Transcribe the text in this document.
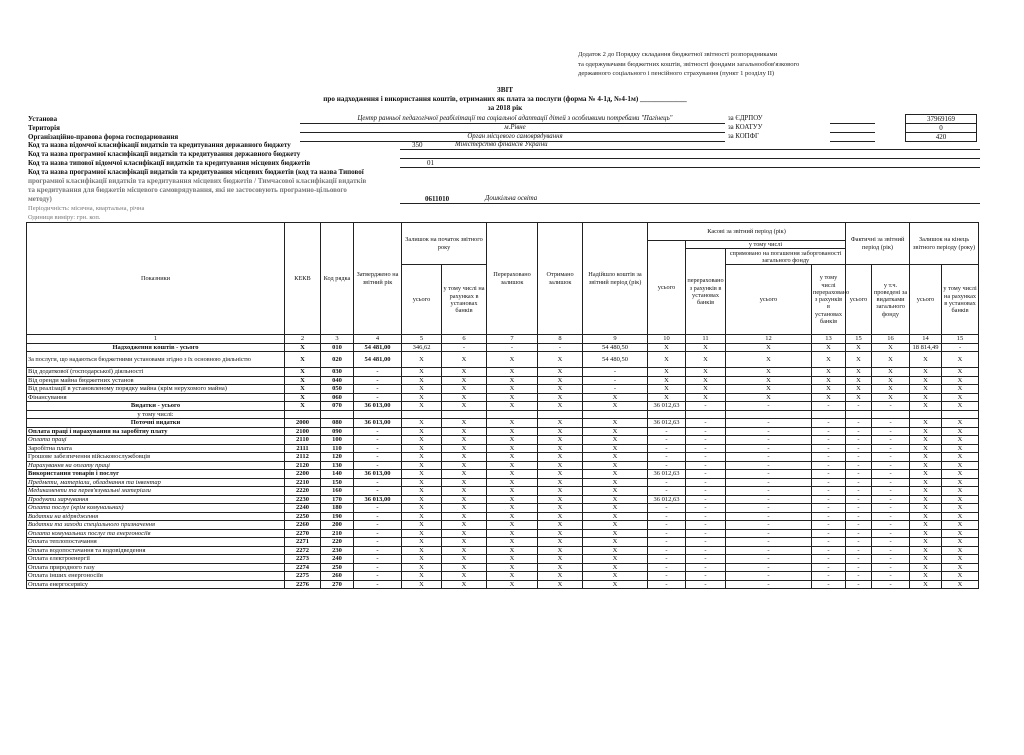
Додаток 2 до Порядку складання бюджетної звітності розпорядниками
та одержувачами бюджетних коштів, звітності фондами загальнообов'язкового
державного соціального і пенсійного страхування (пункт 1 розділу II)
ЗВІТ
про надходження і використання коштів, отриманих як плата за послуги (форма № 4-1д, №4-1м) _____________
за 2018 рік
Установа	Центр ранньої педагогічної реабілітації та соціальної адаптації дітей з особливими потребами "Пагінець"
Територія	м.Рівне
Організаційно-правова форма господарювання	Орган місцевого самоврядування
Код та назва відомчої класифікації видатків та кредитування державного бюджету	350	Міністерство фінансів України
Код та назва програмної класифікації видатків та кредитування державного бюджету
Код та назва типової відомчої класифікації видатків та кредитування місцевих бюджетів	01
Код та назва програмної класифікації видатків та кредитування місцевих бюджетів (код та назва Типової
програмної класифікації видатків та кредитування місцевих бюджетів / Тимчасової класифікації видатків
та кредитування для бюджетів місцевого самоврядування, які не застосовують програмно-цільового
методу)	0611010	Дошкільна освіта
Періодичність: місячна, квартальна, річна
Одиниця виміру: грн. коп.
за ЄДРПОУ	37969169
за КОАТУУ	0
за КОПФГ	420
Показники	КЕКВ	Код рядка	Затверджено на звітний рік	Залишок на початок звітного року		Перераховано залишок	Отримано залишок	Надійшло коштів за звітний період (рік)	Касові за звітний період (рік)				Фактичні за звітний період (рік)		Залишок на кінець звітного періоду (року)	
									усього	у тому числі						
										перераховано з рахунків в установах банків	спрямовано на погашення заборгованості загального фонду					
				усього	у тому числі на рахунках в установах банків						усього	у тому числі перераховано з рахунків в установах банків	усього	у т.ч. проведені за видатками загального фонду	усього	у тому числі на рахунках в установах банків
1	2	3	4	5	6	7	8	9	10	11	12	13	15	16	14	15
Надходження коштів - усього	X	010	54 481,00	346,62	-	-	-	54 480,50	X	X	X	X	X	X	18 814,49	-
За послуги, що надаються бюджетними установами згідно з їх основною діяльністю	X	020	54 481,00	X	X	X	X	54 480,50	X	X	X	X	X	X	X	X
Від додаткової (господарської) діяльності	X	030	-	X	X	X	X	-	X	X	X	X	X	X	X	X
Від оренди майна бюджетних установ	X	040	-	X	X	X	X	-	X	X	X	X	X	X	X	X
Від реалізації в установленому порядку майна (крім нерухомого майна)	X	050	-	X	X	X	X	-	X	X	X	X	X	X	X	X
Фінансування	X	060	-	X	X	X	X	X	X	X	X	X	X	X	X	X
Видатки - усього	X	070	36 013,00	X	X	X	X	X	36 012,63	-	-	-	-	-	X	X
у тому числі:																
Поточні видатки	2000	080	36 013,00	X	X	X	X	X	36 012,63	-	-	-	-	-	X	X
Оплата праці і нарахування на заробітну плату	2100	090	-	X	X	X	X	X	-	-	-	-	-	-	X	X
Оплата праці	2110	100	-	X	X	X	X	X	-	-	-	-	-	-	X	X
Заробітна плата	2111	110	-	X	X	X	X	X	-	-	-	-	-	-	X	X
Грошове забезпечення військовослужбовців	2112	120	-	X	X	X	X	X	-	-	-	-	-	-	X	X
Нарахування на оплату праці	2120	130	-	X	X	X	X	X	-	-	-	-	-	-	X	X
Використання товарів і послуг	2200	140	36 013,00	X	X	X	X	X	36 012,63	-	-	-	-	-	X	X
Предмети, матеріали, обладнання та інвентар	2210	150	-	X	X	X	X	X	-	-	-	-	-	-	X	X
Медикаменти та перев'язувальні матеріали	2220	160	-	X	X	X	X	X	-	-	-	-	-	-	X	X
Продукти харчування	2230	170	36 013,00	X	X	X	X	X	36 012,63	-	-	-	-	-	X	X
Оплата послуг (крім комунальних)	2240	180	-	X	X	X	X	X	-	-	-	-	-	-	X	X
Видатки на відрядження	2250	190	-	X	X	X	X	X	-	-	-	-	-	-	X	X
Видатки та заходи спеціального призначення	2260	200	-	X	X	X	X	X	-	-	-	-	-	-	X	X
Оплата комунальних послуг та енергоносіїв	2270	210	-	X	X	X	X	X	-	-	-	-	-	-	X	X
Оплата теплопостачання	2271	220	-	X	X	X	X	X	-	-	-	-	-	-	X	X
Оплата водопостачання та водовідведення	2272	230	-	X	X	X	X	X	-	-	-	-	-	-	X	X
Оплата електроенергії	2273	240	-	X	X	X	X	X	-	-	-	-	-	-	X	X
Оплата природного газу	2274	250	-	X	X	X	X	X	-	-	-	-	-	-	X	X
Оплата інших енергоносіїв	2275	260	-	X	X	X	X	X	-	-	-	-	-	-	X	X
Оплата енергосервісу	2276	270	-	X	X	X	X	X	-	-	-	-	-	-	X	X
